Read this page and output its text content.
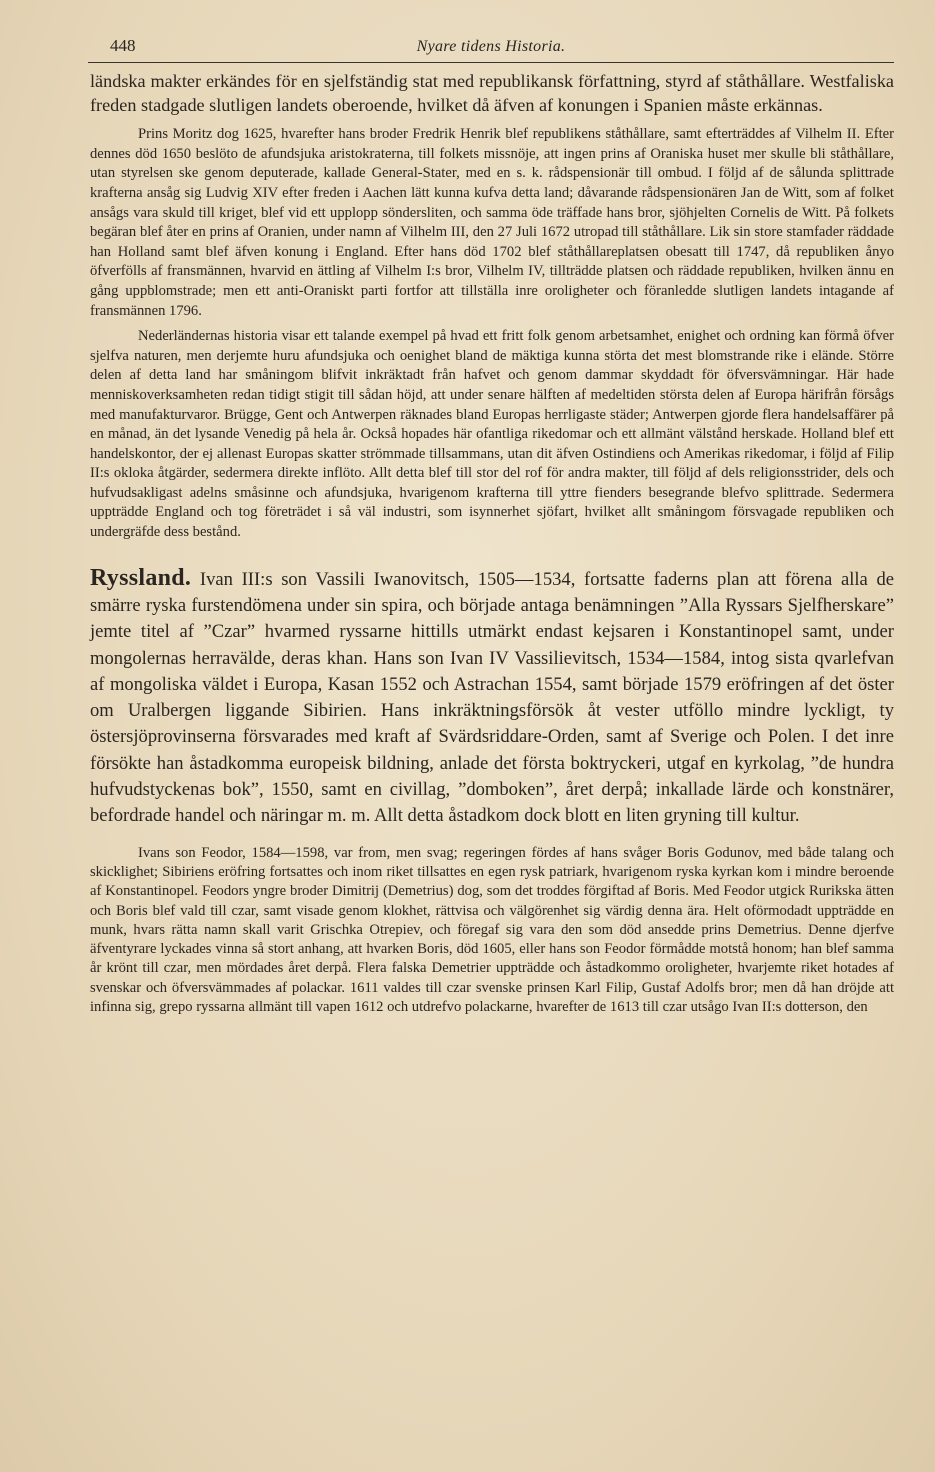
448	Nyare tidens Historia.

ländska makter erkändes för en sjelfständig stat med republikansk författning, styrd af ståthållare. Westfaliska freden stadgade slutligen landets oberoende, hvilket då äfven af konungen i Spanien måste erkännas.

Prins Moritz dog 1625, hvarefter hans broder Fredrik Henrik blef republikens ståthållare, samt efterträddes af Vilhelm II. Efter dennes död 1650 beslöto de afundsjuka aristokraterna, till folkets missnöje, att ingen prins af Oraniska huset mer skulle bli ståthållare, utan styrelsen ske genom deputerade, kallade General-Stater, med en s. k. rådspensionär till ombud. I följd af de sålunda splittrade krafterna ansåg sig Ludvig XIV efter freden i Aachen lätt kunna kufva detta land; dåvarande rådspensionären Jan de Witt, som af folket ansågs vara skuld till kriget, blef vid ett upplopp söndersliten, och samma öde träffade hans bror, sjöhjelten Cornelis de Witt. På folkets begäran blef åter en prins af Oranien, under namn af Vilhelm III, den 27 Juli 1672 utropad till ståthållare. Lik sin store stamfader räddade han Holland samt blef äfven konung i England. Efter hans död 1702 blef ståthållareplatsen obesatt till 1747, då republiken ånyo öfverfölls af fransmännen, hvarvid en ättling af Vilhelm I:s bror, Vilhelm IV, tillträdde platsen och räddade republiken, hvilken ännu en gång uppblomstrade; men ett anti-Oraniskt parti fortfor att tillställa inre oroligheter och föranledde slutligen landets intagande af fransmännen 1796.

Nederländernas historia visar ett talande exempel på hvad ett fritt folk genom arbetsamhet, enighet och ordning kan förmå öfver sjelfva naturen, men derjemte huru afundsjuka och oenighet bland de mäktiga kunna störta det mest blomstrande rike i elände. Större delen af detta land har småningom blifvit inkräktadt från hafvet och genom dammar skyddadt för öfversvämningar. Här hade menniskoverksamheten redan tidigt stigit till sådan höjd, att under senare hälften af medeltiden största delen af Europa härifrån försågs med manufakturvaror. Brügge, Gent och Antwerpen räknades bland Europas herrligaste städer; Antwerpen gjorde flera handelsaffärer på en månad, än det lysande Venedig på hela år. Också hopades här ofantliga rikedomar och ett allmänt välstånd herskade. Holland blef ett handelskontor, der ej allenast Europas skatter strömmade tillsammans, utan dit äfven Ostindiens och Amerikas rikedomar, i följd af Filip II:s okloka åtgärder, sedermera direkte inflöto. Allt detta blef till stor del rof för andra makter, till följd af dels religionsstrider, dels och hufvudsakligast adelns småsinne och afundsjuka, hvarigenom krafterna till yttre fienders besegrande blefvo splittrade. Sedermera uppträdde England och tog företrädet i så väl industri, som isynnerhet sjöfart, hvilket allt småningom försvagade republiken och undergräfde dess bestånd.

Ryssland. Ivan III:s son Vassili Iwanovitsch, 1505—1534, fortsatte faderns plan att förena alla de smärre ryska furstendömena under sin spira, och började antaga benämningen ”Alla Ryssars Sjelfherskare” jemte titel af ”Czar” hvarmed ryssarne hittills utmärkt endast kejsaren i Konstantinopel samt, under mongolernas herravälde, deras khan. Hans son Ivan IV Vassilievitsch, 1534—1584, intog sista qvarlefvan af mongoliska väldet i Europa, Kasan 1552 och Astrachan 1554, samt började 1579 eröfringen af det öster om Uralbergen liggande Sibirien. Hans inkräktningsförsök åt vester utföllo mindre lyckligt, ty östersjöprovinserna försvarades med kraft af Svärdsriddare-Orden, samt af Sverige och Polen. I det inre försökte han åstadkomma europeisk bildning, anlade det första boktryckeri, utgaf en kyrkolag, ”de hundra hufvudstyckenas bok”, 1550, samt en civillag, ”domboken”, året derpå; inkallade lärde och konstnärer, befordrade handel och näringar m. m. Allt detta åstadkom dock blott en liten gryning till kultur.

Ivans son Feodor, 1584—1598, var from, men svag; regeringen fördes af hans svåger Boris Godunov, med både talang och skicklighet; Sibiriens eröfring fortsattes och inom riket tillsattes en egen rysk patriark, hvarigenom ryska kyrkan kom i mindre beroende af Konstantinopel. Feodors yngre broder Dimitrij (Demetrius) dog, som det troddes förgiftad af Boris. Med Feodor utgick Rurikska ätten och Boris blef vald till czar, samt visade genom klokhet, rättvisa och välgörenhet sig värdig denna ära. Helt oförmodadt uppträdde en munk, hvars rätta namn skall varit Grischka Otrepiev, och föregaf sig vara den som död ansedde prins Demetrius. Denne djerfve äfventyrare lyckades vinna så stort anhang, att hvarken Boris, död 1605, eller hans son Feodor förmådde motstå honom; han blef samma år krönt till czar, men mördades året derpå. Flera falska Demetrier uppträdde och åstadkommo oroligheter, hvarjemte riket hotades af svenskar och öfversvämmades af polackar. 1611 valdes till czar svenske prinsen Karl Filip, Gustaf Adolfs bror; men då han dröjde att infinna sig, grepo ryssarna allmänt till vapen 1612 och utdrefvo polackarne, hvarefter de 1613 till czar utsågo Ivan II:s dotterson, den
